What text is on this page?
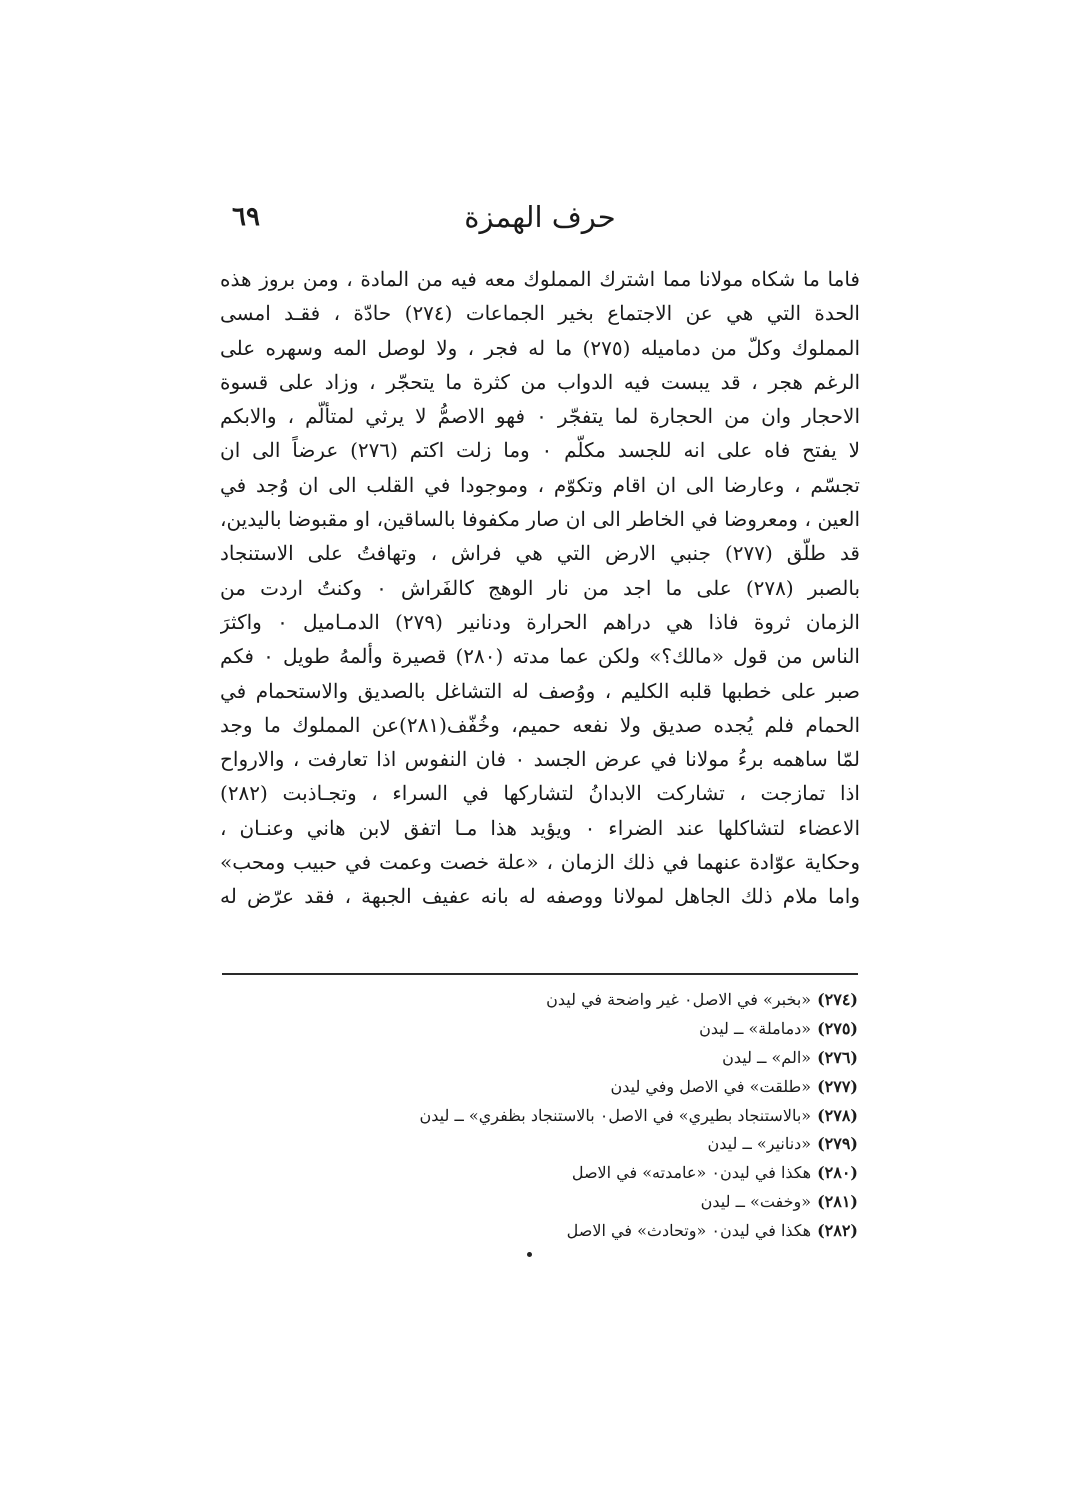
حرف الهمزة
٦٩
فاما ما شكاه مولانا مما اشترك المملوك معه فيه من المادة ، ومن بروز هذه
الحدة التي هي عن الاجتماع بخير الجماعات (٢٧٤) حادّة ، فقـد امسى
المملوك وكلّ من دماميله (٢٧٥) ما له فجر ، ولا لوصل المه وسهره على
الرغم هجر ، قد يبست فيه الدواب من كثرة ما يتحجّر ، وزاد على قسوة
الاحجار وان من الحجارة لما يتفجّر ٠ فهو الاصمُّ لا يرثي لمتألّم ، والابكم
لا يفتح فاه على انه للجسد مكلّم ٠ وما زلت اكتم (٢٧٦) عرضاً الى ان
تجسّم ، وعارضا الى ان اقام وتكوّم ، وموجودا في القلب الى ان وُجد في
العين ، ومعروضا في الخاطر الى ان صار مكفوفا بالساقين، او مقبوضا باليدين،
قد طلّق (٢٧٧) جنبي الارض التي هي فراش ، وتهافتُ على الاستنجاد
بالصبر (٢٧٨) على ما اجد من نار الوهج كالفَراش ٠ وكنتُ اردت من
الزمان ثروة فاذا هي دراهم الحرارة ودنانير (٢٧٩) الدمـاميل ٠ واكثرَ
الناس من قول «مالك؟» ولكن عما مدته (٢٨٠) قصيرة وألمهُ طويل ٠ فكم
صبر على خطبها قلبه الكليم ، ووُصف له التشاغل بالصديق والاستحمام في
الحمام فلم يُجده صديق ولا نفعه حميم، وخُفّف(٢٨١)عن المملوك ما وجد
لمّا ساهمه برءُ مولانا في عرض الجسد ٠ فان النفوس اذا تعارفت ، والارواح
اذا تمازجت ، تشاركت الابدانُ لتشاركها في السراء ، وتجـاذبت (٢٨٢)
الاعضاء لتشاكلها عند الضراء ٠ ويؤيد هذا مـا اتفق لابن هاني وعنـان ،
وحكاية عوّادة عنهما في ذلك الزمان ، «علة خصت وعمت في حبيب ومحب»
واما ملام ذلك الجاهل لمولانا ووصفه له بانه عفيف الجبهة ، فقد عرّض له
(٢٧٤)«بخبر» في الاصل٠ غير واضحة في ليدن
(٢٧٥)«دماملة» ــ ليدن
(٢٧٦)«الم» ــ ليدن
(٢٧٧)«طلقت» في الاصل وفي ليدن
(٢٧٨)«بالاستنجاد بطيري» في الاصل٠ بالاستنجاد بظفري» ــ ليدن
(٢٧٩)«دنانير» ــ ليدن
(٢٨٠)هكذا في ليدن٠ «عامدته» في الاصل
(٢٨١)«وخفت» ــ ليدن
(٢٨٢)هكذا في ليدن٠ «وتحادث» في الاصل
